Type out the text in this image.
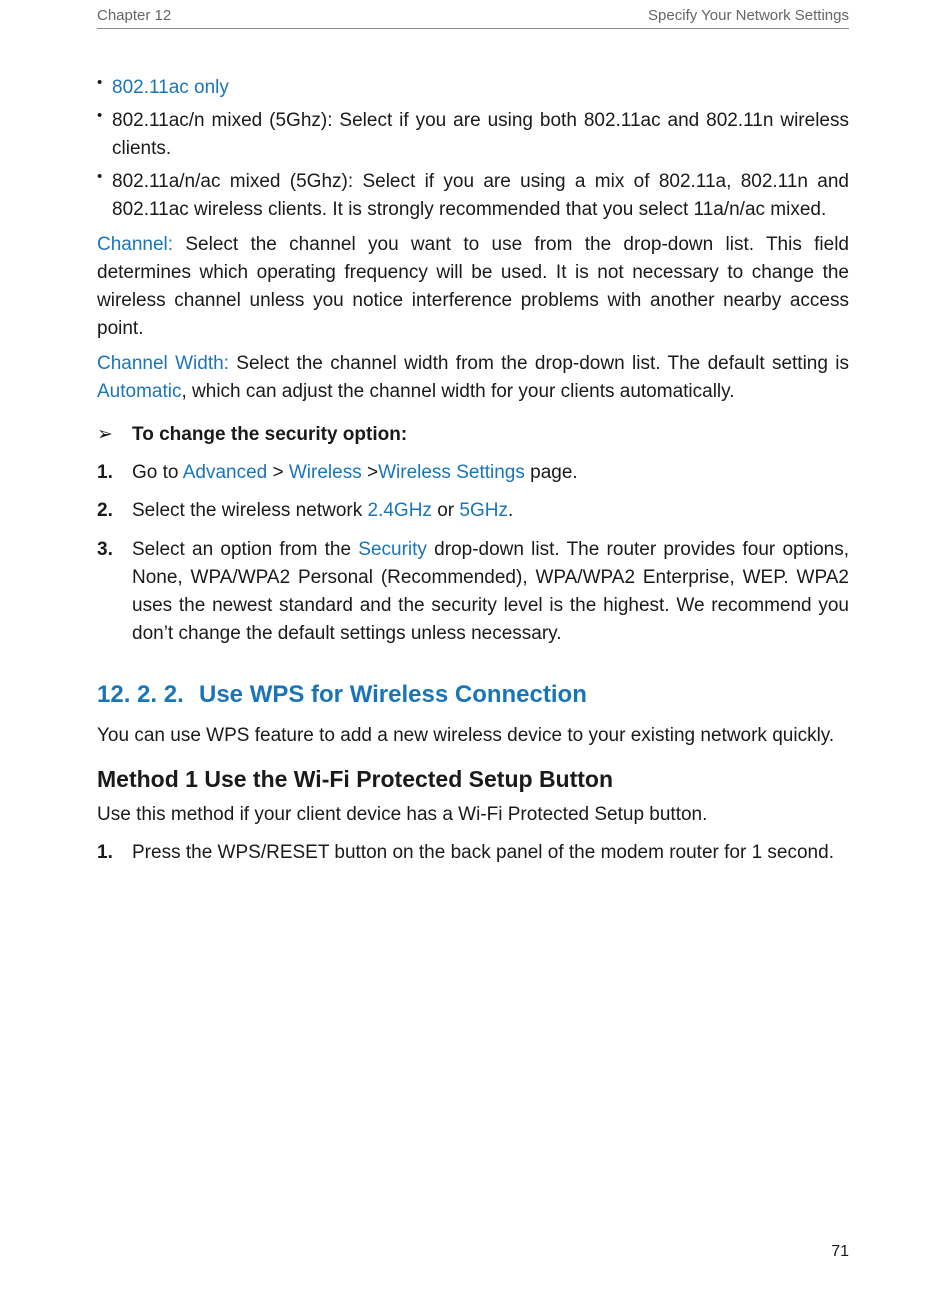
Chapter 12	Specify Your Network Settings
• 802.11ac only
• 802.11ac/n mixed (5Ghz): Select if you are using both 802.11ac and 802.11n wireless clients.
• 802.11a/n/ac mixed (5Ghz): Select if you are using a mix of 802.11a, 802.11n and 802.11ac wireless clients. It is strongly recommended that you select 11a/n/ac mixed.

Channel: Select the channel you want to use from the drop-down list. This field determines which operating frequency will be used. It is not necessary to change the wireless channel unless you notice interference problems with another nearby access point.

Channel Width: Select the channel width from the drop-down list. The default setting is Automatic, which can adjust the channel width for your clients automatically.

➢ To change the security option:
1. Go to Advanced > Wireless >Wireless Settings page.
2. Select the wireless network 2.4GHz or 5GHz.
3. Select an option from the Security drop-down list. The router provides four options, None, WPA/WPA2 Personal (Recommended), WPA/WPA2 Enterprise, WEP. WPA2 uses the newest standard and the security level is the highest. We recommend you don’t change the default settings unless necessary.
12. 2. 2. Use WPS for Wireless Connection

You can use WPS feature to add a new wireless device to your existing network quickly.

Method 1 Use the Wi-Fi Protected Setup Button

Use this method if your client device has a Wi-Fi Protected Setup button.

1. Press the WPS/RESET button on the back panel of the modem router for 1 second.
71
